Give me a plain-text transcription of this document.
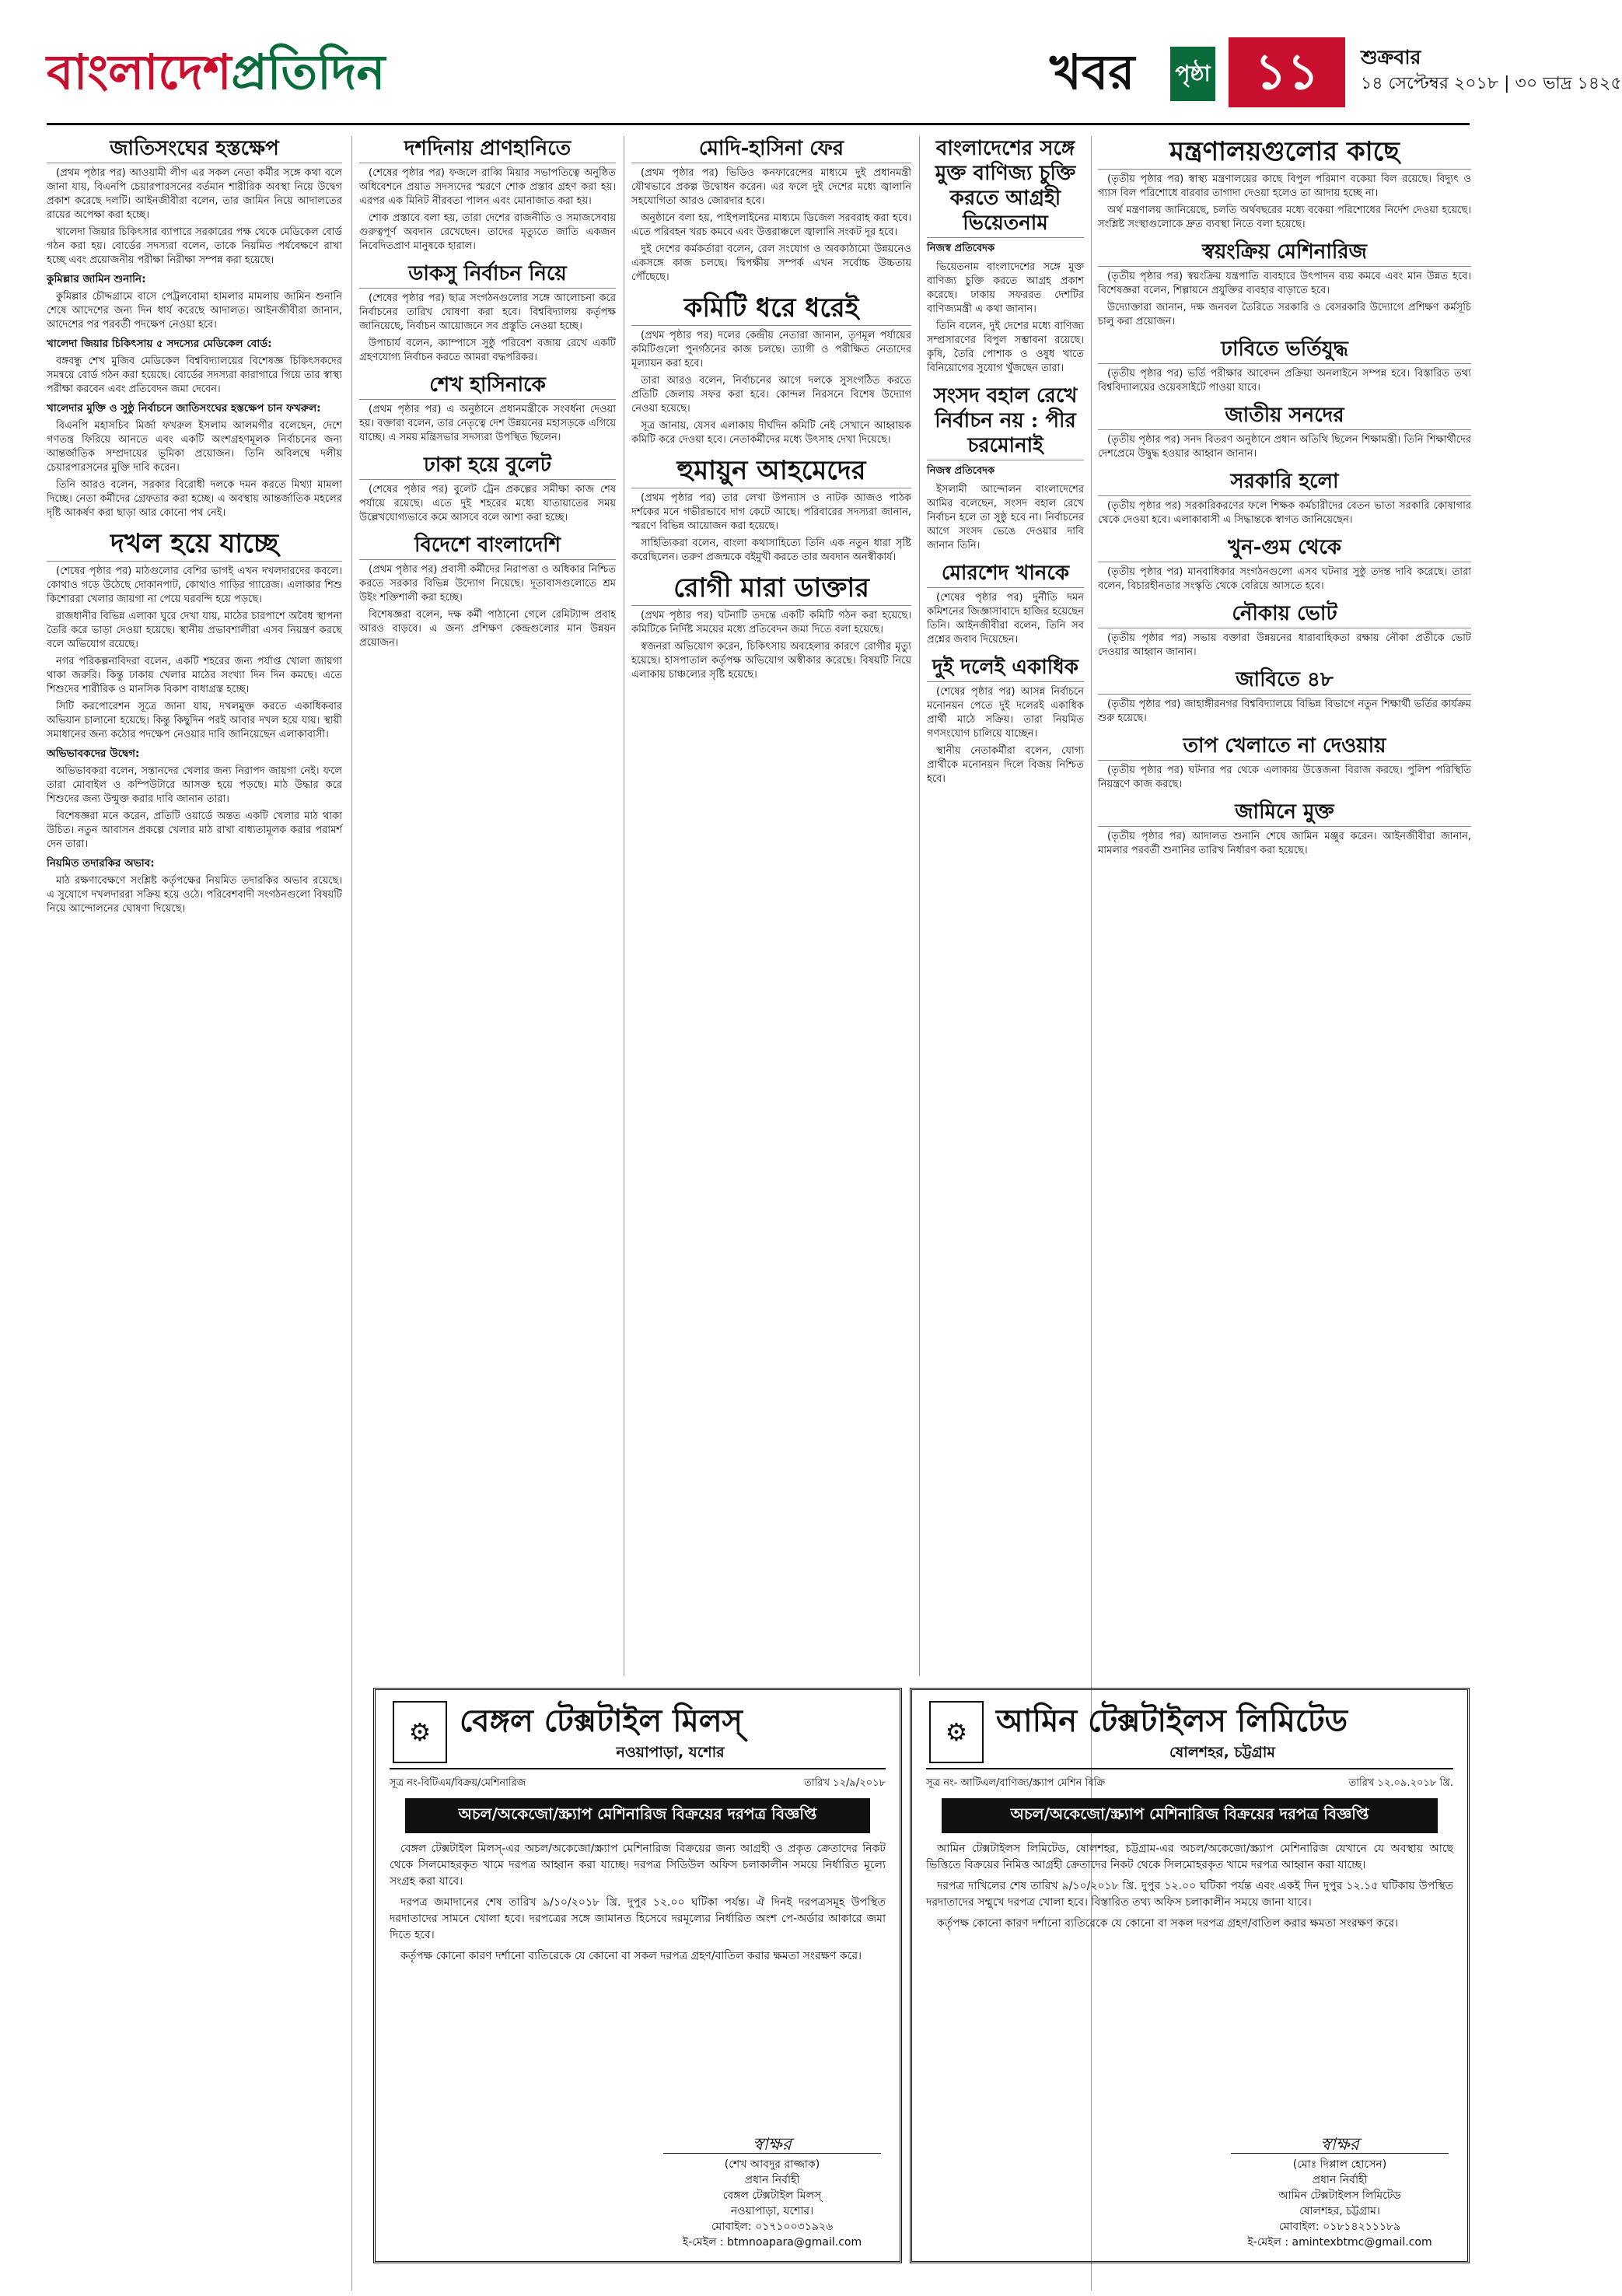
বাংলাদেশপ্রতিদিন	খবর পৃষ্ঠা ১১	শুক্রবার
১৪ সেপ্টেম্বর ২০১৮ | ৩০ ভাদ্র ১৪২৫
জাতিসংঘের হস্তক্ষেপ

(প্রথম পৃষ্ঠার পর) আওয়ামী লীগ এর সকল নেতা কর্মীর সঙ্গে কথা বলে জানা যায়, বিএনপি চেয়ারপারসনের বর্তমান শারীরিক অবস্থা নিয়ে উদ্বেগ প্রকাশ করেছে দলটি। আইনজীবীরা বলেন, তার জামিন নিয়ে আদালতের রায়ের অপেক্ষা করা হচ্ছে।

খালেদা জিয়ার চিকিৎসার ব্যাপারে সরকারের পক্ষ থেকে মেডিকেল বোর্ড গঠন করা হয়। বোর্ডের সদস্যরা বলেন, তাকে নিয়মিত পর্যবেক্ষণে রাখা হচ্ছে এবং প্রয়োজনীয় পরীক্ষা নিরীক্ষা সম্পন্ন করা হয়েছে।

কুমিল্লার জামিন শুনানি:

কুমিল্লার চৌদ্দগ্রামে বাসে পেট্রলবোমা হামলার মামলায় জামিন শুনানি শেষে আদেশের জন্য দিন ধার্য করেছে আদালত। আইনজীবীরা জানান, আদেশের পর পরবর্তী পদক্ষেপ নেওয়া হবে।

খালেদা জিয়ার চিকিৎসায় ৫ সদস্যের মেডিকেল বোর্ড:

বঙ্গবন্ধু শেখ মুজিব মেডিকেল বিশ্ববিদ্যালয়ের বিশেষজ্ঞ চিকিৎসকদের সমন্বয়ে বোর্ড গঠন করা হয়েছে। বোর্ডের সদস্যরা কারাগারে গিয়ে তার স্বাস্থ্য পরীক্ষা করবেন এবং প্রতিবেদন জমা দেবেন।

খালেদার মুক্তি ও সুষ্ঠু নির্বাচনে জাতিসংঘের হস্তক্ষেপ চান ফখরুল:

বিএনপি মহাসচিব মির্জা ফখরুল ইসলাম আলমগীর বলেছেন, দেশে গণতন্ত্র ফিরিয়ে আনতে এবং একটি অংশগ্রহণমূলক নির্বাচনের জন্য আন্তর্জাতিক সম্প্রদায়ের ভূমিকা প্রয়োজন। তিনি অবিলম্বে দলীয় চেয়ারপারসনের মুক্তি দাবি করেন।

তিনি আরও বলেন, সরকার বিরোধী দলকে দমন করতে মিথ্যা মামলা দিচ্ছে। নেতা কর্মীদের গ্রেফতার করা হচ্ছে। এ অবস্থায় আন্তর্জাতিক মহলের দৃষ্টি আকর্ষণ করা ছাড়া আর কোনো পথ নেই।

দখল হয়ে যাচ্ছে

(শেষের পৃষ্ঠার পর) মাঠগুলোর বেশির ভাগই এখন দখলদারদের কবলে। কোথাও গড়ে উঠেছে দোকানপাট, কোথাও গাড়ির গ্যারেজ। এলাকার শিশু কিশোররা খেলার জায়গা না পেয়ে ঘরবন্দি হয়ে পড়ছে।

রাজধানীর বিভিন্ন এলাকা ঘুরে দেখা যায়, মাঠের চারপাশে অবৈধ স্থাপনা তৈরি করে ভাড়া দেওয়া হয়েছে। স্থানীয় প্রভাবশালীরা এসব নিয়ন্ত্রণ করছে বলে অভিযোগ রয়েছে।

নগর পরিকল্পনাবিদরা বলেন, একটি শহরের জন্য পর্যাপ্ত খোলা জায়গা থাকা জরুরি। কিন্তু ঢাকায় খেলার মাঠের সংখ্যা দিন দিন কমছে। এতে শিশুদের শারীরিক ও মানসিক বিকাশ বাধাগ্রস্ত হচ্ছে।

সিটি করপোরেশন সূত্রে জানা যায়, দখলমুক্ত করতে একাধিকবার অভিযান চালানো হয়েছে। কিন্তু কিছুদিন পরই আবার দখল হয়ে যায়। স্থায়ী সমাধানের জন্য কঠোর পদক্ষেপ নেওয়ার দাবি জানিয়েছেন এলাকাবাসী।

অভিভাবকদের উদ্বেগ:

অভিভাবকরা বলেন, সন্তানদের খেলার জন্য নিরাপদ জায়গা নেই। ফলে তারা মোবাইল ও কম্পিউটারে আসক্ত হয়ে পড়ছে। মাঠ উদ্ধার করে শিশুদের জন্য উন্মুক্ত করার দাবি জানান তারা।

বিশেষজ্ঞরা মনে করেন, প্রতিটি ওয়ার্ডে অন্তত একটি খেলার মাঠ থাকা উচিত। নতুন আবাসন প্রকল্পে খেলার মাঠ রাখা বাধ্যতামূলক করার পরামর্শ দেন তারা।

নিয়মিত তদারকির অভাব:

মাঠ রক্ষণাবেক্ষণে সংশ্লিষ্ট কর্তৃপক্ষের নিয়মিত তদারকির অভাব রয়েছে। এ সুযোগে দখলদাররা সক্রিয় হয়ে ওঠে। পরিবেশবাদী সংগঠনগুলো বিষয়টি নিয়ে আন্দোলনের ঘোষণা দিয়েছে।

দশদিনায় প্রাণহানিতে

(শেষের পৃষ্ঠার পর) ফজলে রাব্বি মিয়ার সভাপতিত্বে অনুষ্ঠিত অধিবেশনে প্রয়াত সদস্যদের স্মরণে শোক প্রস্তাব গ্রহণ করা হয়। এরপর এক মিনিট নীরবতা পালন এবং মোনাজাত করা হয়।

শোক প্রস্তাবে বলা হয়, তারা দেশের রাজনীতি ও সমাজসেবায় গুরুত্বপূর্ণ অবদান রেখেছেন। তাদের মৃত্যুতে জাতি একজন নিবেদিতপ্রাণ মানুষকে হারাল।

ডাকসু নির্বাচন নিয়ে

(শেষের পৃষ্ঠার পর) ছাত্র সংগঠনগুলোর সঙ্গে আলোচনা করে নির্বাচনের তারিখ ঘোষণা করা হবে। বিশ্ববিদ্যালয় কর্তৃপক্ষ জানিয়েছে, নির্বাচন আয়োজনে সব প্রস্তুতি নেওয়া হচ্ছে।

উপাচার্য বলেন, ক্যাম্পাসে সুষ্ঠু পরিবেশ বজায় রেখে একটি গ্রহণযোগ্য নির্বাচন করতে আমরা বদ্ধপরিকর।

শেখ হাসিনাকে

(প্রথম পৃষ্ঠার পর) এ অনুষ্ঠানে প্রধানমন্ত্রীকে সংবর্ধনা দেওয়া হয়। বক্তারা বলেন, তার নেতৃত্বে দেশ উন্নয়নের মহাসড়কে এগিয়ে যাচ্ছে। এ সময় মন্ত্রিসভার সদস্যরা উপস্থিত ছিলেন।

ঢাকা হয়ে বুলেট

(শেষের পৃষ্ঠার পর) বুলেট ট্রেন প্রকল্পের সমীক্ষা কাজ শেষ পর্যায়ে রয়েছে। এতে দুই শহরের মধ্যে যাতায়াতের সময় উল্লেখযোগ্যভাবে কমে আসবে বলে আশা করা হচ্ছে।

বিদেশে বাংলাদেশি

(প্রথম পৃষ্ঠার পর) প্রবাসী কর্মীদের নিরাপত্তা ও অধিকার নিশ্চিত করতে সরকার বিভিন্ন উদ্যোগ নিয়েছে। দূতাবাসগুলোতে শ্রম উইং শক্তিশালী করা হচ্ছে।

বিশেষজ্ঞরা বলেন, দক্ষ কর্মী পাঠানো গেলে রেমিট্যান্স প্রবাহ আরও বাড়বে। এ জন্য প্রশিক্ষণ কেন্দ্রগুলোর মান উন্নয়ন প্রয়োজন।

মোদি-হাসিনা ফের

(প্রথম পৃষ্ঠার পর) ভিডিও কনফারেন্সের মাধ্যমে দুই প্রধানমন্ত্রী যৌথভাবে প্রকল্প উদ্বোধন করেন। এর ফলে দুই দেশের মধ্যে জ্বালানি সহযোগিতা আরও জোরদার হবে।

অনুষ্ঠানে বলা হয়, পাইপলাইনের মাধ্যমে ডিজেল সরবরাহ করা হবে। এতে পরিবহন খরচ কমবে এবং উত্তরাঞ্চলে জ্বালানি সংকট দূর হবে।

দুই দেশের কর্মকর্তারা বলেন, রেল সংযোগ ও অবকাঠামো উন্নয়নেও একসঙ্গে কাজ চলছে। দ্বিপক্ষীয় সম্পর্ক এখন সর্বোচ্চ উচ্চতায় পৌঁছেছে।

কমিটি ধরে ধরেই

(প্রথম পৃষ্ঠার পর) দলের কেন্দ্রীয় নেতারা জানান, তৃণমূল পর্যায়ের কমিটিগুলো পুনর্গঠনের কাজ চলছে। ত্যাগী ও পরীক্ষিত নেতাদের মূল্যায়ন করা হবে।

তারা আরও বলেন, নির্বাচনের আগে দলকে সুসংগঠিত করতে প্রতিটি জেলায় সফর করা হবে। কোন্দল নিরসনে বিশেষ উদ্যোগ নেওয়া হয়েছে।

সূত্র জানায়, যেসব এলাকায় দীর্ঘদিন কমিটি নেই সেখানে আহ্বায়ক কমিটি করে দেওয়া হবে। নেতাকর্মীদের মধ্যে উৎসাহ দেখা দিয়েছে।

হুমায়ুন আহমেদের

(প্রথম পৃষ্ঠার পর) তার লেখা উপন্যাস ও নাটক আজও পাঠক দর্শকের মনে গভীরভাবে দাগ কেটে আছে। পরিবারের সদস্যরা জানান, স্মরণে বিভিন্ন আয়োজন করা হয়েছে।

সাহিত্যিকরা বলেন, বাংলা কথাসাহিত্যে তিনি এক নতুন ধারা সৃষ্টি করেছিলেন। তরুণ প্রজন্মকে বইমুখী করতে তার অবদান অনস্বীকার্য।

রোগী মারা ডাক্তার

(প্রথম পৃষ্ঠার পর) ঘটনাটি তদন্তে একটি কমিটি গঠন করা হয়েছে। কমিটিকে নির্দিষ্ট সময়ের মধ্যে প্রতিবেদন জমা দিতে বলা হয়েছে।

স্বজনরা অভিযোগ করেন, চিকিৎসায় অবহেলার কারণে রোগীর মৃত্যু হয়েছে। হাসপাতাল কর্তৃপক্ষ অভিযোগ অস্বীকার করেছে। বিষয়টি নিয়ে এলাকায় চাঞ্চল্যের সৃষ্টি হয়েছে।

বাংলাদেশের সঙ্গে মুক্ত বাণিজ্য চুক্তি করতে আগ্রহী ভিয়েতনাম
নিজস্ব প্রতিবেদক

ভিয়েতনাম বাংলাদেশের সঙ্গে মুক্ত বাণিজ্য চুক্তি করতে আগ্রহ প্রকাশ করেছে। ঢাকায় সফররত দেশটির বাণিজ্যমন্ত্রী এ কথা জানান।

তিনি বলেন, দুই দেশের মধ্যে বাণিজ্য সম্প্রসারণের বিপুল সম্ভাবনা রয়েছে। কৃষি, তৈরি পোশাক ও ওষুধ খাতে বিনিয়োগের সুযোগ খুঁজছেন তারা।

সংসদ বহাল রেখে নির্বাচন নয় : পীর চরমোনাই
নিজস্ব প্রতিবেদক

ইসলামী আন্দোলন বাংলাদেশের আমির বলেছেন, সংসদ বহাল রেখে নির্বাচন হলে তা সুষ্ঠু হবে না। নির্বাচনের আগে সংসদ ভেঙে দেওয়ার দাবি জানান তিনি।

মোরশেদ খানকে

(শেষের পৃষ্ঠার পর) দুর্নীতি দমন কমিশনের জিজ্ঞাসাবাদে হাজির হয়েছেন তিনি। আইনজীবীরা বলেন, তিনি সব প্রশ্নের জবাব দিয়েছেন।

দুই দলেই একাধিক

(শেষের পৃষ্ঠার পর) আসন্ন নির্বাচনে মনোনয়ন পেতে দুই দলেরই একাধিক প্রার্থী মাঠে সক্রিয়। তারা নিয়মিত গণসংযোগ চালিয়ে যাচ্ছেন।

স্থানীয় নেতাকর্মীরা বলেন, যোগ্য প্রার্থীকে মনোনয়ন দিলে বিজয় নিশ্চিত হবে।

মন্ত্রণালয়গুলোর কাছে

(তৃতীয় পৃষ্ঠার পর) স্বাস্থ্য মন্ত্রণালয়ের কাছে বিপুল পরিমাণ বকেয়া বিল রয়েছে। বিদ্যুৎ ও গ্যাস বিল পরিশোধে বারবার তাগাদা দেওয়া হলেও তা আদায় হচ্ছে না।

অর্থ মন্ত্রণালয় জানিয়েছে, চলতি অর্থবছরের মধ্যে বকেয়া পরিশোধের নির্দেশ দেওয়া হয়েছে। সংশ্লিষ্ট সংস্থাগুলোকে দ্রুত ব্যবস্থা নিতে বলা হয়েছে।

স্বয়ংক্রিয় মেশিনারিজ

(তৃতীয় পৃষ্ঠার পর) স্বয়ংক্রিয় যন্ত্রপাতি ব্যবহারে উৎপাদন ব্যয় কমবে এবং মান উন্নত হবে। বিশেষজ্ঞরা বলেন, শিল্পায়নে প্রযুক্তির ব্যবহার বাড়াতে হবে।

উদ্যোক্তারা জানান, দক্ষ জনবল তৈরিতে সরকারি ও বেসরকারি উদ্যোগে প্রশিক্ষণ কর্মসূচি চালু করা প্রয়োজন।

ঢাবিতে ভর্তিযুদ্ধ

(তৃতীয় পৃষ্ঠার পর) ভর্তি পরীক্ষার আবেদন প্রক্রিয়া অনলাইনে সম্পন্ন হবে। বিস্তারিত তথ্য বিশ্ববিদ্যালয়ের ওয়েবসাইটে পাওয়া যাবে।

জাতীয় সনদের

(তৃতীয় পৃষ্ঠার পর) সনদ বিতরণ অনুষ্ঠানে প্রধান অতিথি ছিলেন শিক্ষামন্ত্রী। তিনি শিক্ষার্থীদের দেশপ্রেমে উদ্বুদ্ধ হওয়ার আহ্বান জানান।

সরকারি হলো

(তৃতীয় পৃষ্ঠার পর) সরকারিকরণের ফলে শিক্ষক কর্মচারীদের বেতন ভাতা সরকারি কোষাগার থেকে দেওয়া হবে। এলাকাবাসী এ সিদ্ধান্তকে স্বাগত জানিয়েছেন।

খুন-গুম থেকে

(তৃতীয় পৃষ্ঠার পর) মানবাধিকার সংগঠনগুলো এসব ঘটনার সুষ্ঠু তদন্ত দাবি করেছে। তারা বলেন, বিচারহীনতার সংস্কৃতি থেকে বেরিয়ে আসতে হবে।

নৌকায় ভোট

(তৃতীয় পৃষ্ঠার পর) সভায় বক্তারা উন্নয়নের ধারাবাহিকতা রক্ষায় নৌকা প্রতীকে ভোট দেওয়ার আহ্বান জানান।

জাবিতে ৪৮

(তৃতীয় পৃষ্ঠার পর) জাহাঙ্গীরনগর বিশ্ববিদ্যালয়ে বিভিন্ন বিভাগে নতুন শিক্ষার্থী ভর্তির কার্যক্রম শুরু হয়েছে।

তাপ খেলাতে না দেওয়ায়

(তৃতীয় পৃষ্ঠার পর) ঘটনার পর থেকে এলাকায় উত্তেজনা বিরাজ করছে। পুলিশ পরিস্থিতি নিয়ন্ত্রণে কাজ করছে।

জামিনে মুক্ত

(তৃতীয় পৃষ্ঠার পর) আদালত শুনানি শেষে জামিন মঞ্জুর করেন। আইনজীবীরা জানান, মামলার পরবর্তী শুনানির তারিখ নির্ধারণ করা হয়েছে।

⚙ বেঙ্গল টেক্সটাইল মিলস্
নওয়াপাড়া, যশোর
সূত্র নং-বিটিএম/বিক্রয়/মেশিনারিজ	তারিখ ১২/৯/২০১৮
অচল/অকেজো/স্ক্র্যাপ মেশিনারিজ বিক্রয়ের দরপত্র বিজ্ঞপ্তি

বেঙ্গল টেক্সটাইল মিলস্-এর অচল/অকেজো/স্ক্র্যাপ মেশিনারিজ বিক্রয়ের জন্য আগ্রহী ও প্রকৃত ক্রেতাদের নিকট থেকে সিলমোহরকৃত খামে দরপত্র আহ্বান করা যাচ্ছে। দরপত্র সিডিউল অফিস চলাকালীন সময়ে নির্ধারিত মূল্যে সংগ্রহ করা যাবে।

দরপত্র জমাদানের শেষ তারিখ ৯/১০/২০১৮ খ্রি. দুপুর ১২.০০ ঘটিকা পর্যন্ত। ঐ দিনই দরপত্রসমূহ উপস্থিত দরদাতাদের সামনে খোলা হবে। দরপত্রের সঙ্গে জামানত হিসেবে দরমূল্যের নির্ধারিত অংশ পে-অর্ডার আকারে জমা দিতে হবে।

কর্তৃপক্ষ কোনো কারণ দর্শানো ব্যতিরেকে যে কোনো বা সকল দরপত্র গ্রহণ/বাতিল করার ক্ষমতা সংরক্ষণ করে।

স্বাক্ষর
(শেখ আবদুর রাজ্জাক)
প্রধান নির্বাহী
বেঙ্গল টেক্সটাইল মিলস্
নওয়াপাড়া, যশোর।
মোবাইল: ০১৭১০০৩১৯২৬
ই-মেইল : btmnoapara@gmail.com
⚙ আমিন টেক্সটাইলস লিমিটেড
ষোলশহর, চট্টগ্রাম
সূত্র নং- আটিএল/বাণিজ্য/স্ক্র্যাপ মেশিন বিক্রি	তারিখ ১২.০৯.২০১৮ খ্রি.
অচল/অকেজো/স্ক্র্যাপ মেশিনারিজ বিক্রয়ের দরপত্র বিজ্ঞপ্তি

আমিন টেক্সটাইলস লিমিটেড, ষোলশহর, চট্টগ্রাম-এর অচল/অকেজো/স্ক্র্যাপ মেশিনারিজ যেখানে যে অবস্থায় আছে ভিত্তিতে বিক্রয়ের নিমিত্ত আগ্রহী ক্রেতাদের নিকট থেকে সিলমোহরকৃত খামে দরপত্র আহ্বান করা যাচ্ছে।

দরপত্র দাখিলের শেষ তারিখ ৯/১০/২০১৮ খ্রি. দুপুর ১২.০০ ঘটিকা পর্যন্ত এবং একই দিন দুপুর ১২.১৫ ঘটিকায় উপস্থিত দরদাতাদের সম্মুখে দরপত্র খোলা হবে। বিস্তারিত তথ্য অফিস চলাকালীন সময়ে জানা যাবে।

কর্তৃপক্ষ কোনো কারণ দর্শানো ব্যতিরেকে যে কোনো বা সকল দরপত্র গ্রহণ/বাতিল করার ক্ষমতা সংরক্ষণ করে।

স্বাক্ষর
(মোঃ দিপ্পাল হোসেন)
প্রধান নির্বাহী
আমিন টেক্সটাইলস লিমিটেড
ষোলশহর, চট্টগ্রাম।
মোবাইল: ০১৮১৪২১১১৮৯
ই-মেইল : amintexbtmc@gmail.com
